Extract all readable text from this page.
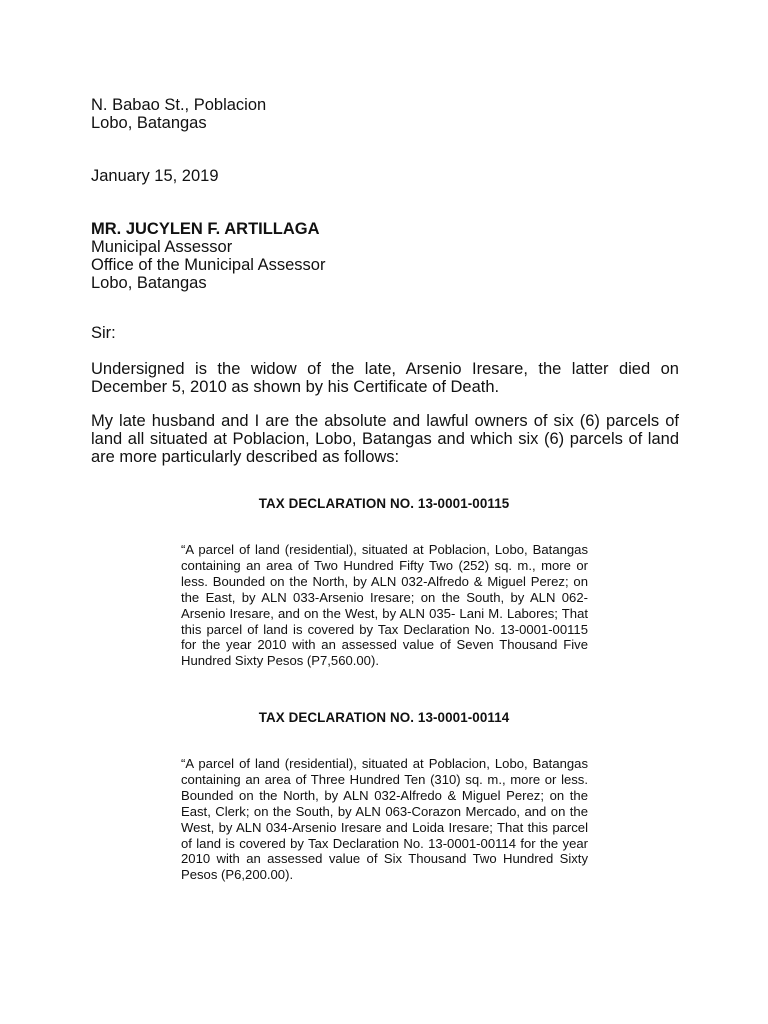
N. Babao St., Poblacion
Lobo, Batangas
January 15, 2019
MR. JUCYLEN F. ARTILLAGA
Municipal Assessor
Office of the Municipal Assessor
Lobo, Batangas
Sir:

Undersigned is the widow of the late, Arsenio Iresare, the latter died on December 5, 2010 as shown by his Certificate of Death.

My late husband and I are the absolute and lawful owners of six (6) parcels of land all situated at Poblacion, Lobo, Batangas and which six (6) parcels of land are more particularly described as follows:

TAX DECLARATION NO. 13-0001-00115

“A parcel of land (residential), situated at Poblacion, Lobo, Batangas containing an area of Two Hundred Fifty Two (252) sq. m., more or less. Bounded on the North, by ALN 032-Alfredo & Miguel Perez; on the East, by ALN 033-Arsenio Iresare; on the South, by ALN 062- Arsenio Iresare, and on the West, by ALN 035- Lani M. Labores; That this parcel of land is covered by Tax Declaration No. 13-0001-00115 for the year 2010 with an assessed value of Seven Thousand Five Hundred Sixty Pesos (P7,560.00).

TAX DECLARATION NO. 13-0001-00114

“A parcel of land (residential), situated at Poblacion, Lobo, Batangas containing an area of Three Hundred Ten (310) sq. m., more or less. Bounded on the North, by ALN 032-Alfredo & Miguel Perez; on the East, Clerk; on the South, by ALN 063-Corazon Mercado, and on the West, by ALN 034-Arsenio Iresare and Loida Iresare; That this parcel of land is covered by Tax Declaration No. 13-0001-00114 for the year 2010 with an assessed value of Six Thousand Two Hundred Sixty Pesos (P6,200.00).
